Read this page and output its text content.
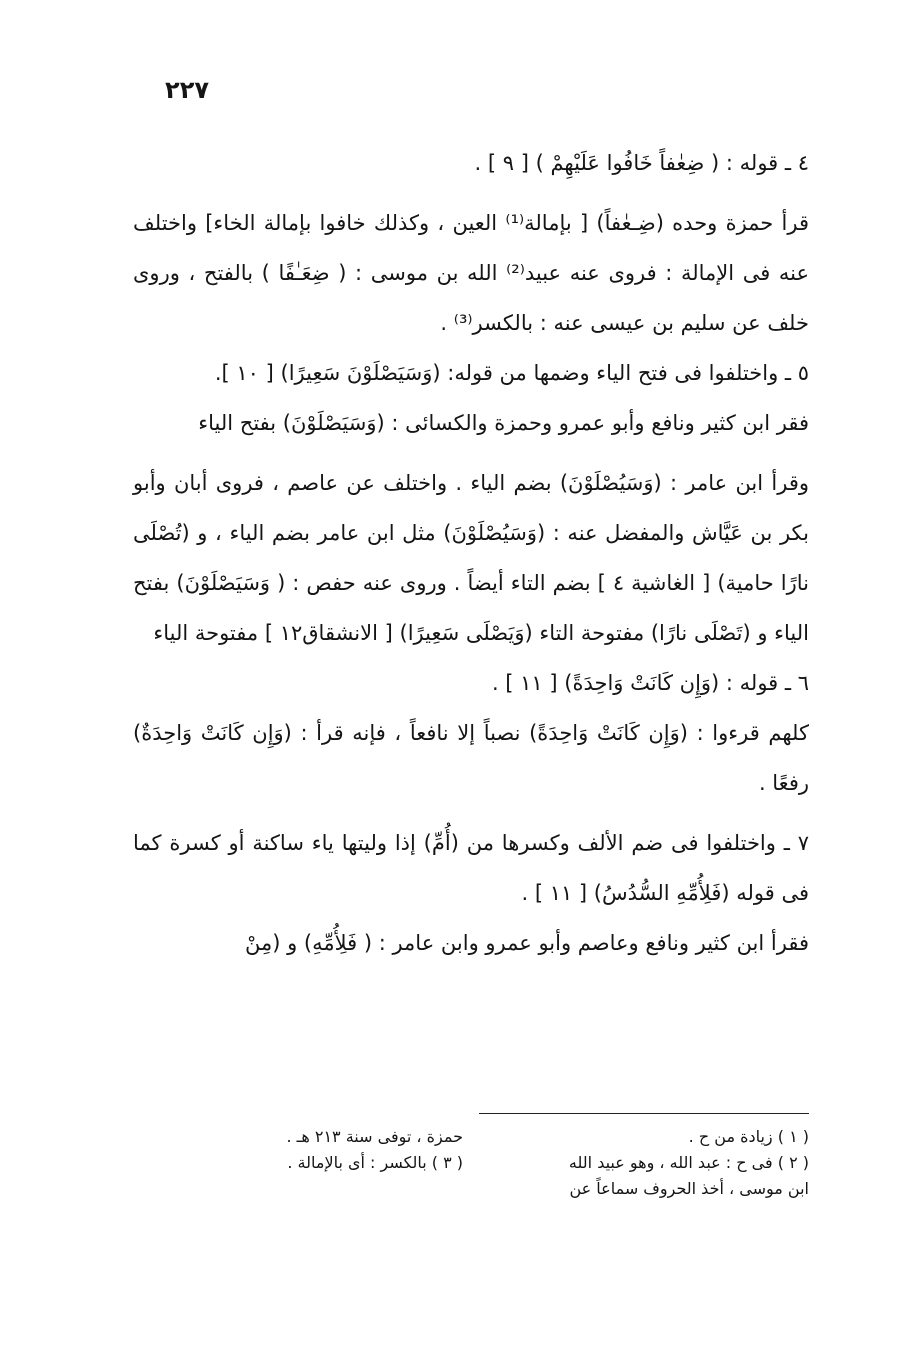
٢٢٧

٤ ـ قوله : ( ضِعٰفاً خَافُوا عَلَيْهِمْ ) [ ٩ ] .

قرأ حمزة وحده (ضِـعٰفاً) [ بإمالة⁽¹⁾ العين ، وكذلك خافوا بإمالة الخاء] واختلف عنه فى الإمالة : فروى عنه عبيد⁽²⁾ الله بن موسى : ( ضِعَـٰفًا ) بالفتح ، وروى خلف عن سليم بن عيسى عنه : بالكسر⁽³⁾ .

٥ ـ واختلفوا فى فتح الياء وضمها من قوله: (وَسَيَصْلَوْنَ سَعِيرًا) [ ١٠ ].

فقر ابن كثير ونافع وأبو عمرو وحمزة والكسائى : (وَسَيَصْلَوْنَ) بفتح الياء

وقرأ ابن عامر : (وَسَيُصْلَوْنَ) بضم الياء . واختلف عن عاصم ، فروى أبان وأبو بكر بن عَيَّاش والمفضل عنه : (وَسَيُصْلَوْنَ) مثل ابن عامر بضم الياء ، و (تُصْلَى نارًا حامية) [ الغاشية ٤ ] بضم التاء أيضاً . وروى عنه حفص : ( وَسَيَصْلَوْنَ) بفتح الياء و (تَصْلَى نارًا) مفتوحة التاء (وَيَصْلَى سَعِيرًا) [ الانشقاق١٢ ] مفتوحة الياء

٦ ـ قوله : (وَإِن كَانَتْ وَاحِدَةً) [ ١١ ] .

كلهم قرءوا : (وَإِن كَانَتْ وَاحِدَةً) نصباً إلا نافعاً ، فإنه قرأ : (وَإِن كَانَتْ وَاحِدَةٌ) رفعًا .

٧ ـ واختلفوا فى ضم الألف وكسرها من (أُمِّ) إذا وليتها ياء ساكنة أو كسرة كما فى قوله (فَلِأُمِّهِ السُّدُسُ) [ ١١ ] .

فقرأ ابن كثير ونافع وعاصم وأبو عمرو وابن عامر : ( فَلِأُمِّهِ) و (مِنْ

( ١ ) زيادة من ح .
حمزة ، توفى سنة ٢١٣ هـ .
( ٢ ) فى ح : عبد الله ، وهو عبيد الله
( ٣ ) بالكسر : أى بالإمالة .
ابن موسى ، أخذ الحروف سماعاً عن
